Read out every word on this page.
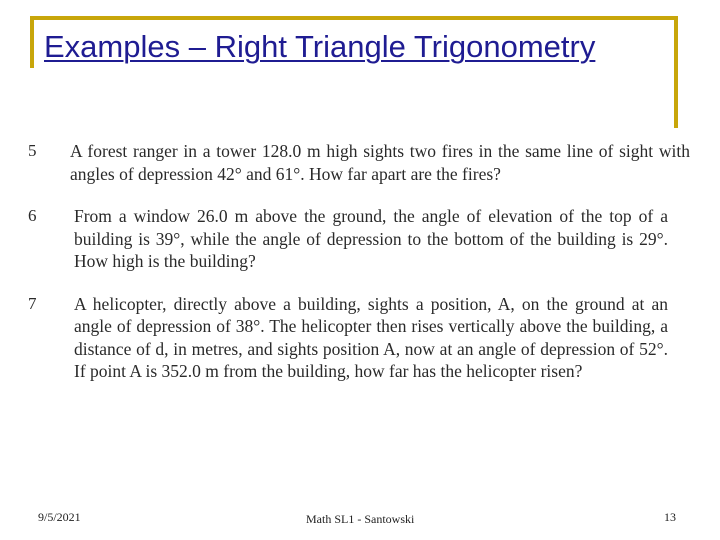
Examples – Right Triangle Trigonometry
5	A forest ranger in a tower 128.0 m high sights two fires in the same line of sight with angles of depression 42° and 61°. How far apart are the fires?
6	From a window 26.0 m above the ground, the angle of elevation of the top of a building is 39°, while the angle of depression to the bottom of the building is 29°. How high is the building?
7	A helicopter, directly above a building, sights a position, A, on the ground at an angle of depression of 38°. The helicopter then rises vertically above the building, a distance of d, in metres, and sights position A, now at an angle of depression of 52°. If point A is 352.0 m from the building, how far has the helicopter risen?
9/5/2021	Math SL1 - Santowski	13
